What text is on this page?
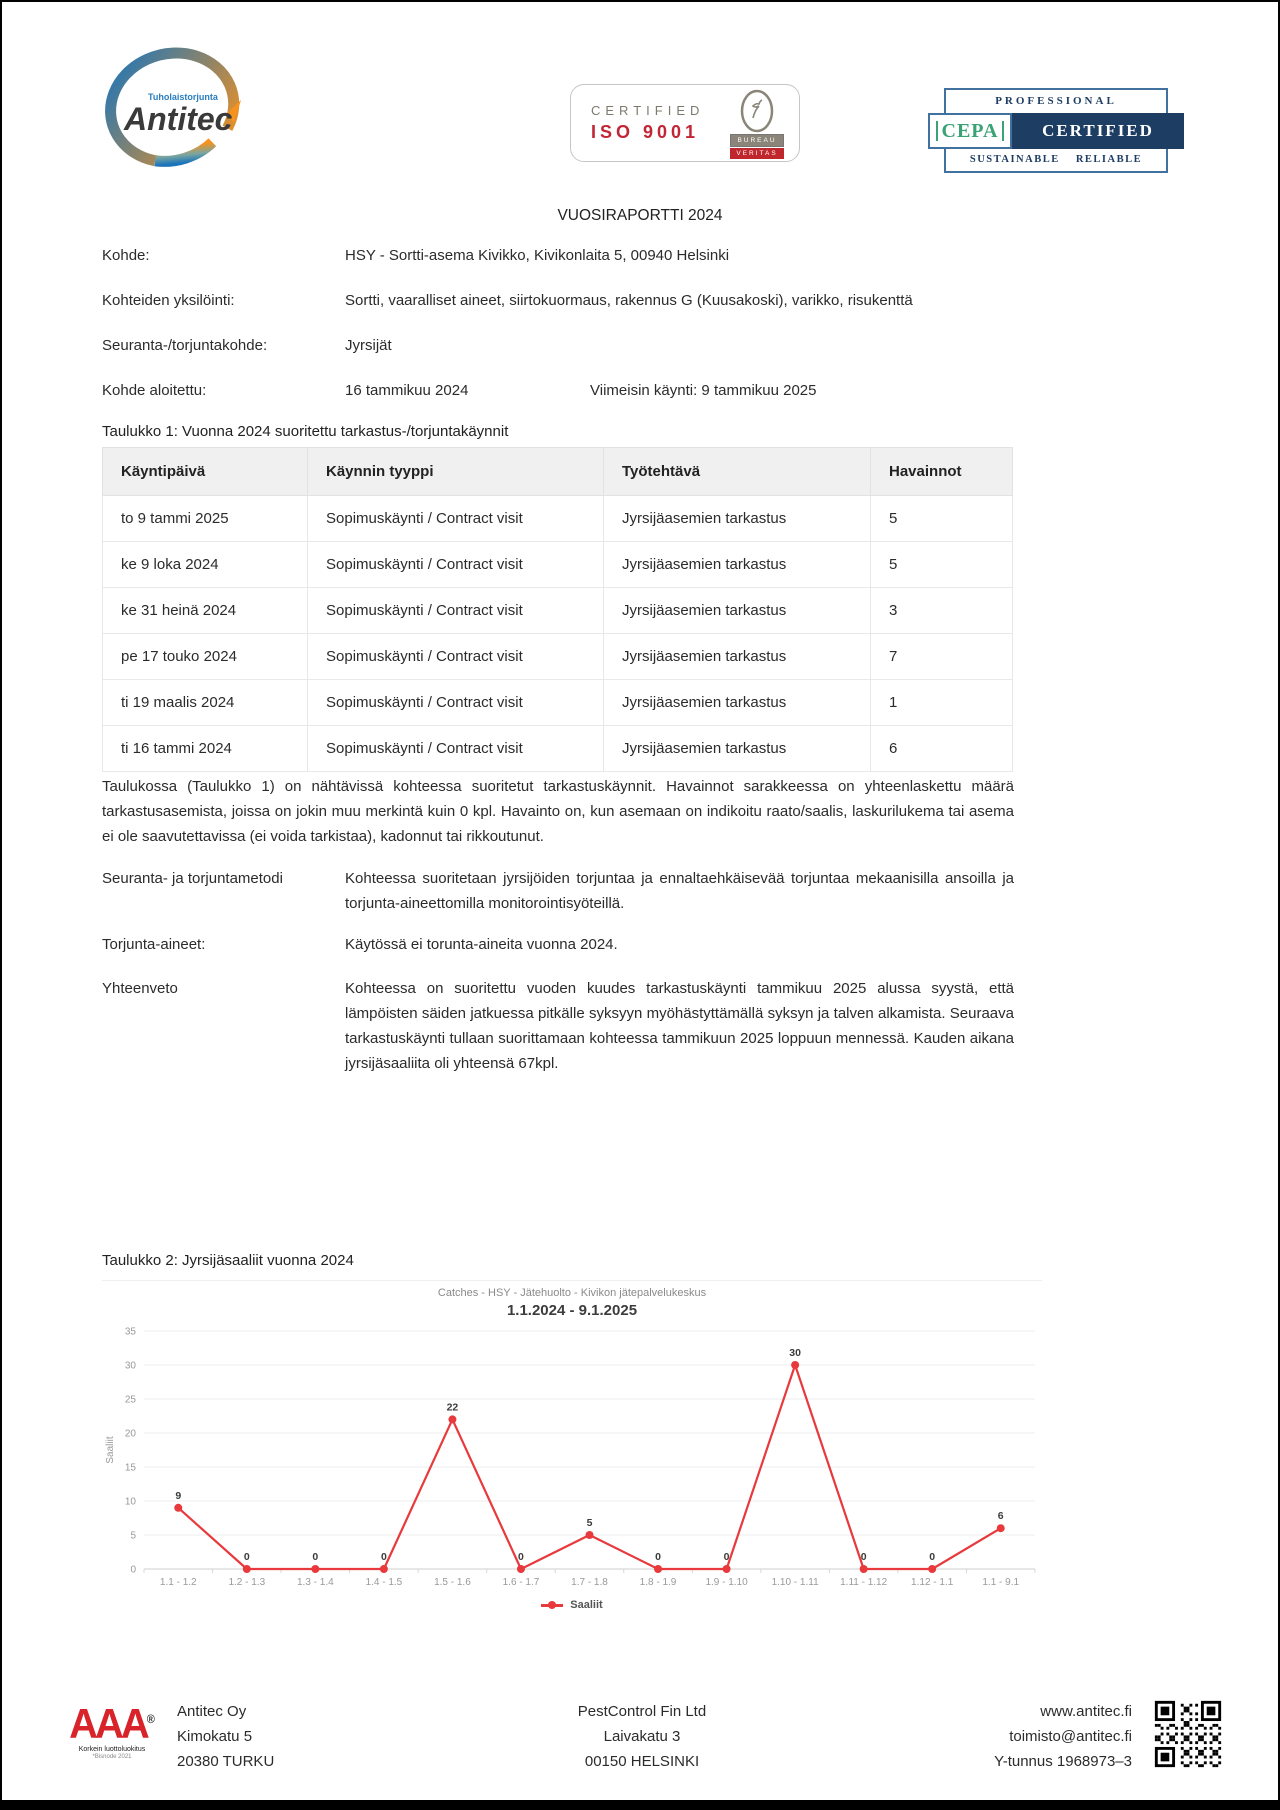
Tuholaistorjunta
Antitec	CERTIFIED
ISO 9001	BUREAU
VERITAS
PROFESSIONAL
CEPA	CERTIFIED
SUSTAINABLE RELIABLE
VUOSIRAPORTTI 2024
Kohde:	HSY - Sortti-asema Kivikko, Kivikonlaita 5, 00940 Helsinki
Kohteiden yksilöinti:	Sortti, vaaralliset aineet, siirtokuormaus, rakennus G (Kuusakoski), varikko, risukenttä
Seuranta-/torjuntakohde:	Jyrsijät
Kohde aloitettu:	16 tammikuu 2024	Viimeisin käynti: 9 tammikuu 2025
Taulukko 1: Vuonna 2024 suoritettu tarkastus-/torjuntakäynnit
Käyntipäivä	Käynnin tyyppi	Työtehtävä	Havainnot
to 9 tammi 2025	Sopimuskäynti / Contract visit	Jyrsijäasemien tarkastus	5
ke 9 loka 2024	Sopimuskäynti / Contract visit	Jyrsijäasemien tarkastus	5
ke 31 heinä 2024	Sopimuskäynti / Contract visit	Jyrsijäasemien tarkastus	3
pe 17 touko 2024	Sopimuskäynti / Contract visit	Jyrsijäasemien tarkastus	7
ti 19 maalis 2024	Sopimuskäynti / Contract visit	Jyrsijäasemien tarkastus	1
ti 16 tammi 2024	Sopimuskäynti / Contract visit	Jyrsijäasemien tarkastus	6
Taulukossa (Taulukko 1) on nähtävissä kohteessa suoritetut tarkastuskäynnit. Havainnot sarakkeessa on yhteenlaskettu määrä tarkastusasemista, joissa on jokin muu merkintä kuin 0 kpl. Havainto on, kun asemaan on indikoitu raato/saalis, laskurilukema tai asema ei ole saavutettavissa (ei voida tarkistaa), kadonnut tai rikkoutunut.
Seuranta- ja torjuntametodi	Kohteessa suoritetaan jyrsijöiden torjuntaa ja ennaltaehkäisevää torjuntaa mekaanisilla ansoilla ja torjunta-aineettomilla monitorointisyöteillä.
Torjunta-aineet:	Käytössä ei torunta-aineita vuonna 2024.
Yhteenveto	Kohteessa on suoritettu vuoden kuudes tarkastuskäynti tammikuu 2025 alussa syystä, että lämpöisten säiden jatkuessa pitkälle syksyyn myöhästyttämällä syksyn ja talven alkamista. Seuraava tarkastuskäynti tullaan suorittamaan kohteessa tammikuun 2025 loppuun mennessä. Kauden aikana jyrsijäsaaliita oli yhteensä 67kpl.
Taulukko 2: Jyrsijäsaaliit vuonna 2024
Catches - HSY - Jätehuolto - Kivikon jätepalvelukeskus
1.1.2024 - 9.1.2025
0
5
10
15
20
25
30
35
1.1 - 1.2	1.2 - 1.3	1.3 - 1.4	1.4 - 1.5	1.5 - 1.6	1.6 - 1.7	1.7 - 1.8	1.8 - 1.9	1.9 - 1.10 1.10 - 1.11 1.11 - 1.12 1.12 - 1.1	1.1 - 9.1
Saaliit
9
0	0	0
22
0
5
0	0
30
0	0
6
Saaliit
AAA®
Korkein luottoluokitus
*Bisnode 2021
Antitec Oy
Kimokatu 5
20380 TURKU
PestControl Fin Ltd
Laivakatu 3
00150 HELSINKI
www.antitec.fi
toimisto@antitec.fi
Y-tunnus 1968973–3
